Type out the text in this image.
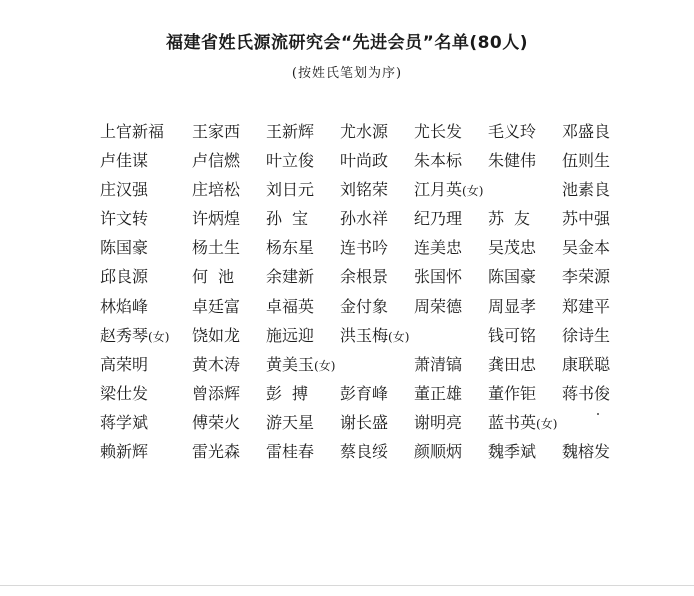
福建省姓氏源流研究会“先进会员”名单(80人)
(按姓氏笔划为序)
上官新福 王家西 王新辉 尤水源 尤长发 毛义玲 邓盛良
卢佳谋	卢信燃 叶立俊 叶尚政 朱本标 朱健伟 伍则生
庄汉强	庄培松 刘日元 刘铭荣 江月英(女)	池素良
许文转	许炳煌 孙宝 孙水祥 纪乃理 苏友 苏中强
陈国豪	杨土生 杨东星 连书吟 连美忠 吴茂忠 吴金本
邱良源	何池 余建新 余根景 张国怀 陈国豪 李荣源
林焰峰	卓廷富 卓福英 金付象 周荣德 周显孝 郑建平
赵秀琴(女) 饶如龙 施远迎 洪玉梅(女)	钱可铭 徐诗生
高荣明	黄木涛 黄美玉(女)	萧清镐 龚田忠 康联聪
梁仕发	曾添辉 彭搏 彭育峰 董正雄 董作钜 蒋书俊
蒋学斌	傅荣火 游天星 谢长盛 谢明亮 蓝书英(女)
赖新辉	雷光森 雷桂春 蔡良绥 颜顺炳 魏季斌 魏榕发
